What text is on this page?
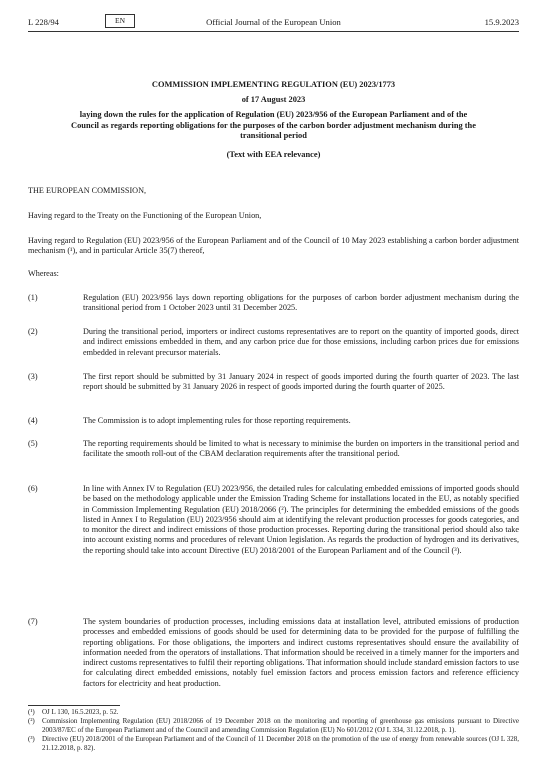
L 228/94	EN	Official Journal of the European Union	15.9.2023
COMMISSION IMPLEMENTING REGULATION (EU) 2023/1773
of 17 August 2023
laying down the rules for the application of Regulation (EU) 2023/956 of the European Parliament and of the Council as regards reporting obligations for the purposes of the carbon border adjustment mechanism during the transitional period
(Text with EEA relevance)
THE EUROPEAN COMMISSION,
Having regard to the Treaty on the Functioning of the European Union,
Having regard to Regulation (EU) 2023/956 of the European Parliament and of the Council of 10 May 2023 establishing a carbon border adjustment mechanism (¹), and in particular Article 35(7) thereof,
Whereas:
(1)	Regulation (EU) 2023/956 lays down reporting obligations for the purposes of carbon border adjustment mechanism during the transitional period from 1 October 2023 until 31 December 2025.
(2)	During the transitional period, importers or indirect customs representatives are to report on the quantity of imported goods, direct and indirect emissions embedded in them, and any carbon price due for those emissions, including carbon prices due for emissions embedded in relevant precursor materials.
(3)	The first report should be submitted by 31 January 2024 in respect of goods imported during the fourth quarter of 2023. The last report should be submitted by 31 January 2026 in respect of goods imported during the fourth quarter of 2025.
(4)	The Commission is to adopt implementing rules for those reporting requirements.
(5)	The reporting requirements should be limited to what is necessary to minimise the burden on importers in the transitional period and facilitate the smooth roll-out of the CBAM declaration requirements after the transitional period.
(6)	In line with Annex IV to Regulation (EU) 2023/956, the detailed rules for calculating embedded emissions of imported goods should be based on the methodology applicable under the Emission Trading Scheme for installations located in the EU, as notably specified in Commission Implementing Regulation (EU) 2018/2066 (²). The principles for determining the embedded emissions of the goods listed in Annex I to Regulation (EU) 2023/956 should aim at identifying the relevant production processes for goods categories, and to monitor the direct and indirect emissions of those production processes. Reporting during the transitional period should also take into account existing norms and procedures of relevant Union legislation. As regards the production of hydrogen and its derivatives, the reporting should take into account Directive (EU) 2018/2001 of the European Parliament and of the Council (³).
(7)	The system boundaries of production processes, including emissions data at installation level, attributed emissions of production processes and embedded emissions of goods should be used for determining data to be provided for the purpose of fulfilling the reporting obligations. For those obligations, the importers and indirect customs representatives should ensure the availability of information needed from the operators of installations. That information should be received in a timely manner for the importers and indirect customs representatives to fulfil their reporting obligations. That information should include standard emission factors to use for calculating direct embedded emissions, notably fuel emission factors and process emission factors and reference efficiency factors for electricity and heat production.
(¹) OJ L 130, 16.5.2023, p. 52.
(²) Commission Implementing Regulation (EU) 2018/2066 of 19 December 2018 on the monitoring and reporting of greenhouse gas emissions pursuant to Directive 2003/87/EC of the European Parliament and of the Council and amending Commission Regulation (EU) No 601/2012 (OJ L 334, 31.12.2018, p. 1).
(³) Directive (EU) 2018/2001 of the European Parliament and of the Council of 11 December 2018 on the promotion of the use of energy from renewable sources (OJ L 328, 21.12.2018, p. 82).
